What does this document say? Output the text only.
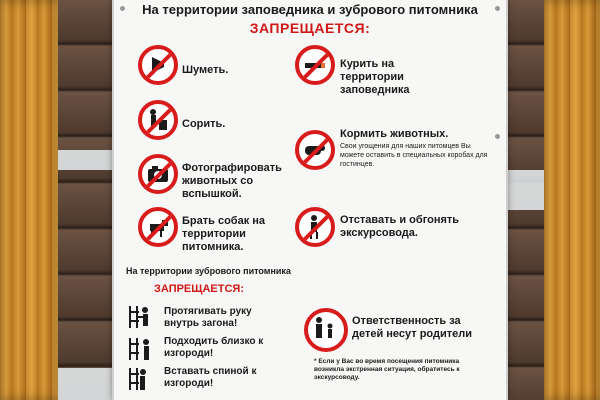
На территории заповедника и зубрового питомника
ЗАПРЕЩАЕТСЯ:
Шуметь.
Сорить.
Фотографировать животных со вспышкой.
Брать собак на территории питомника.
Курить на территории заповедника
Кормить животных.
Свои угощения для наших питомцев Вы можете оставить в специальных коробах для гостинцев.
Отставать и обгонять экскурсовода.
На территории зубрового питомника
ЗАПРЕЩАЕТСЯ:
Протягивать руку внутрь загона!
Подходить близко к изгороди!
Вставать спиной к изгороди!
Ответственность за детей несут родители
* Если у Вас во время посещения питомника возникла экстренная ситуация, обратитесь к экскурсоводу.
